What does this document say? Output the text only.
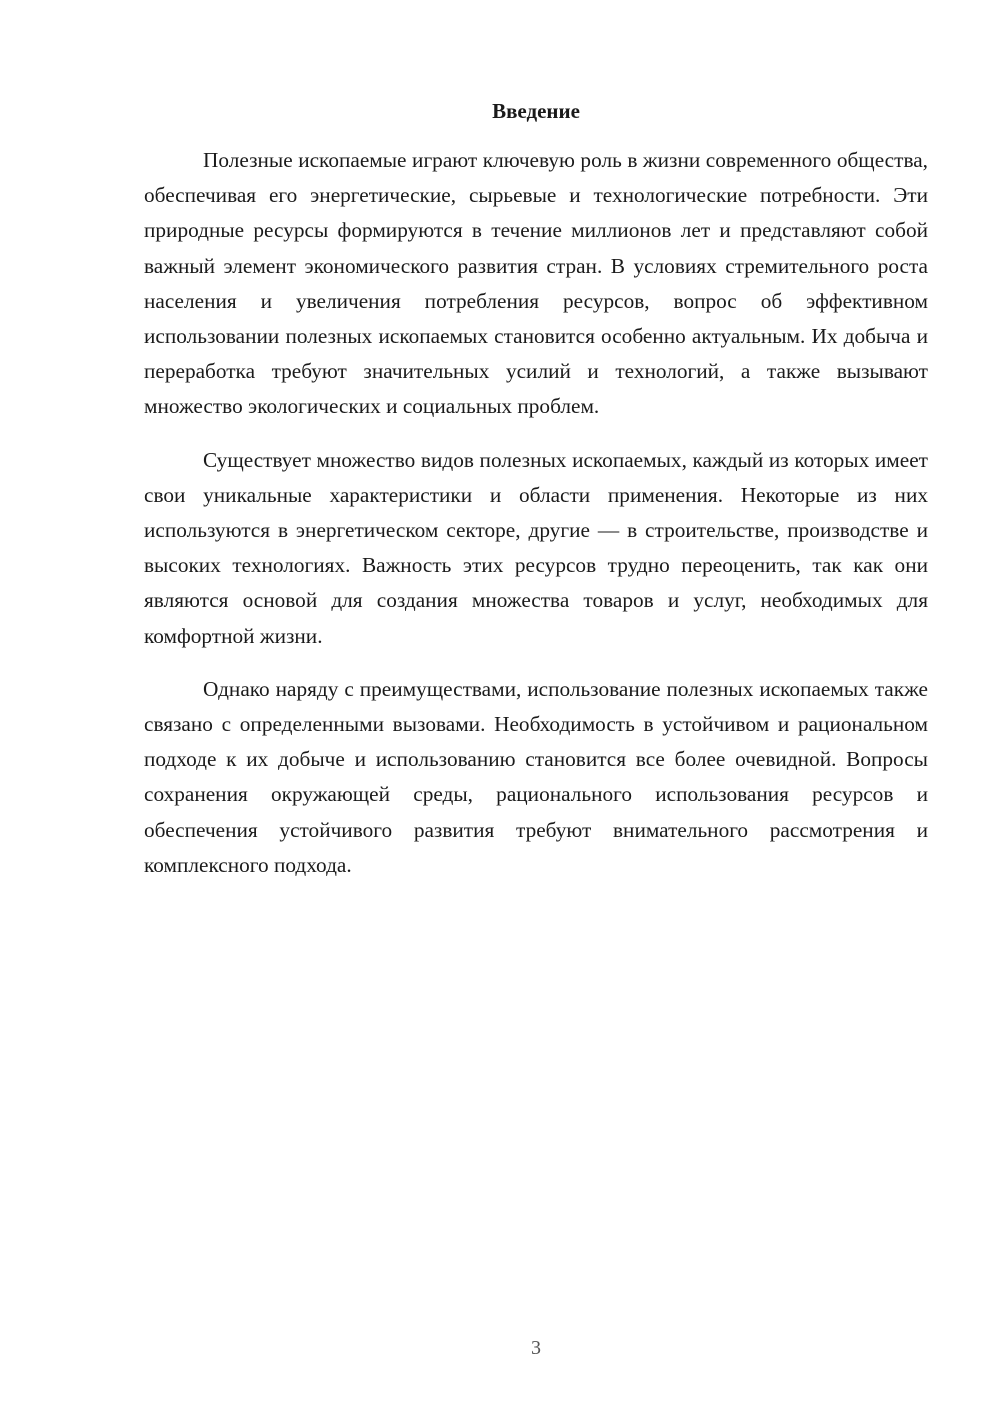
Введение

Полезные ископаемые играют ключевую роль в жизни современного общества, обеспечивая его энергетические, сырьевые и технологические потребности. Эти природные ресурсы формируются в течение миллионов лет и представляют собой важный элемент экономического развития стран. В условиях стремительного роста населения и увеличения потребления ресурсов, вопрос об эффективном использовании полезных ископаемых становится особенно актуальным. Их добыча и переработка требуют значительных усилий и технологий, а также вызывают множество экологических и социальных проблем.

Существует множество видов полезных ископаемых, каждый из которых имеет свои уникальные характеристики и области применения. Некоторые из них используются в энергетическом секторе, другие — в строительстве, производстве и высоких технологиях. Важность этих ресурсов трудно переоценить, так как они являются основой для создания множества товаров и услуг, необходимых для комфортной жизни.

Однако наряду с преимуществами, использование полезных ископаемых также связано с определенными вызовами. Необходимость в устойчивом и рациональном подходе к их добыче и использованию становится все более очевидной. Вопросы сохранения окружающей среды, рационального использования ресурсов и обеспечения устойчивого развития требуют внимательного рассмотрения и комплексного подхода.

3
